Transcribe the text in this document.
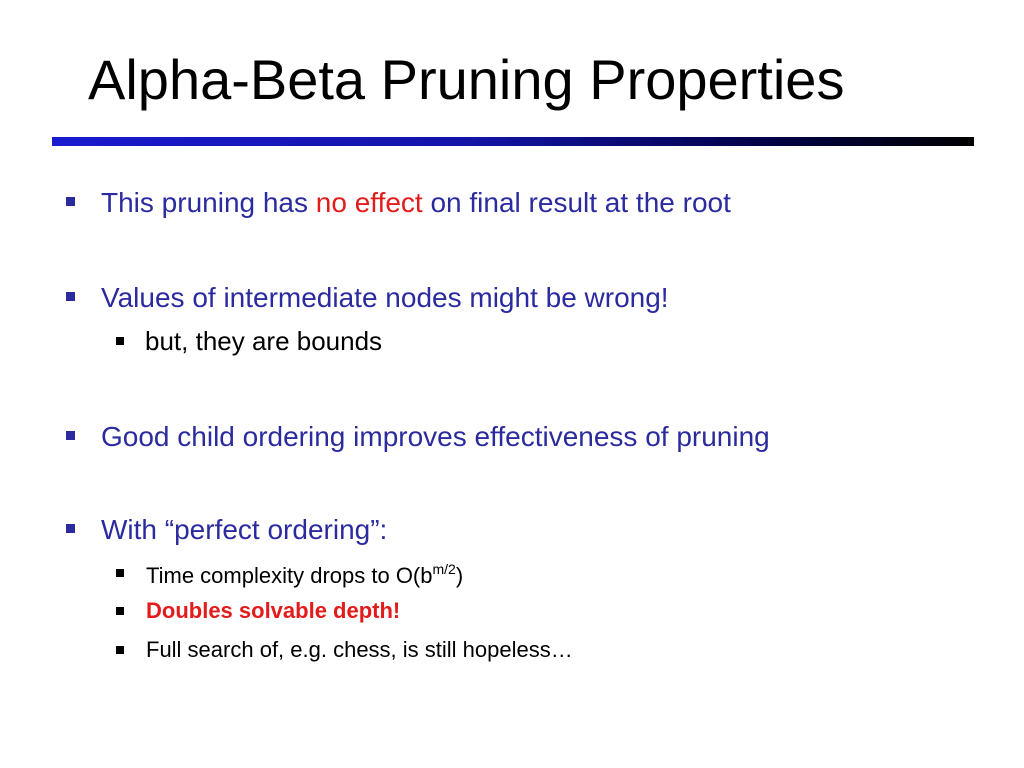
Alpha-Beta Pruning Properties
This pruning has no effect on final result at the root
Values of intermediate nodes might be wrong!
but, they are bounds
Good child ordering improves effectiveness of pruning
With “perfect ordering”:
Time complexity drops to $O(b^{m/2})$
Doubles solvable depth!
Full search of, e.g. chess, is still hopeless…
